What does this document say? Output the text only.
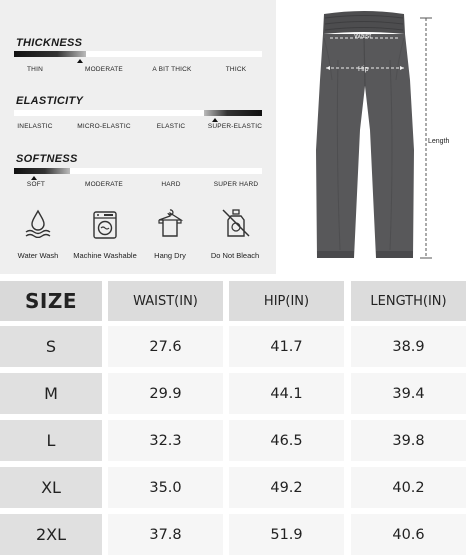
THICKNESS
THIN	MODERATE	A BIT THICK	THICK
ELASTICITY
INELASTIC	MICRO-ELASTIC	ELASTIC	SUPER-ELASTIC
SOFTNESS
SOFT	MODERATE	HARD	SUPER HARD
Water Wash	Machine Washable	Hang Dry	Do Not Bleach
Waist
Hip
Length
SIZE	WAIST(IN)	HIP(IN)	LENGTH(IN)
S	27.6	41.7	38.9
M	29.9	44.1	39.4
L	32.3	46.5	39.8
XL	35.0	49.2	40.2
2XL	37.8	51.9	40.6
